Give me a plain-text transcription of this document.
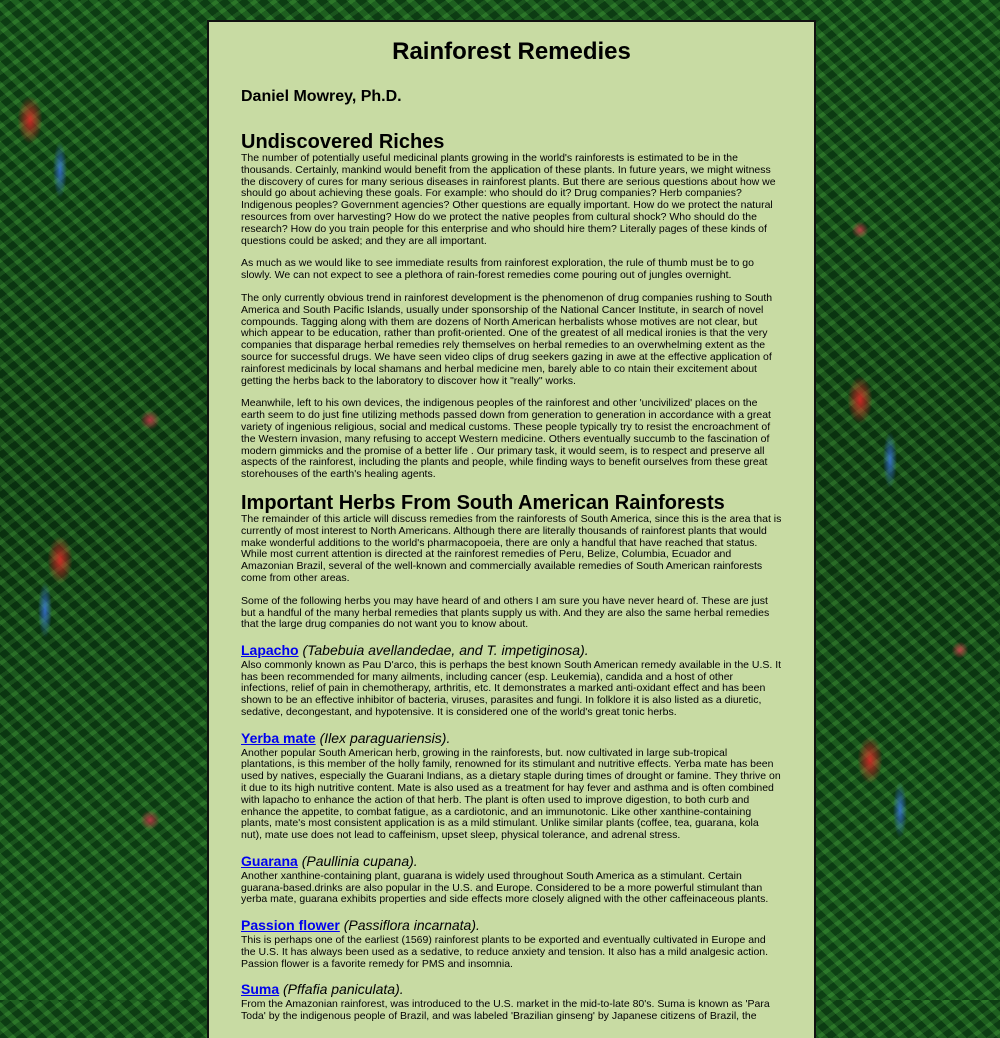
Rainforest Remedies
Daniel Mowrey, Ph.D.
Undiscovered Riches

The number of potentially useful medicinal plants growing in the world's rainforests is estimated to be in the thousands. Certainly, mankind would benefit from the application of these plants. In future years, we might witness the discovery of cures for many serious diseases in rainforest plants. But there are serious questions about how we should go about achieving these goals. For example: who should do it? Drug companies? Herb companies? Indigenous peoples? Government agencies? Other questions are equally important. How do we protect the natural resources from over harvesting? How do we protect the native peoples from cultural shock? Who should do the research? How do you train people for this enterprise and who should hire them? Literally pages of these kinds of questions could be asked; and they are all important.

As much as we would like to see immediate results from rainforest exploration, the rule of thumb must be to go slowly. We can not expect to see a plethora of rain-forest remedies come pouring out of jungles overnight.

The only currently obvious trend in rainforest development is the phenomenon of drug companies rushing to South America and South Pacific Islands, usually under sponsorship of the National Cancer Institute, in search of novel compounds. Tagging along with them are dozens of North American herbalists whose motives are not clear, but which appear to be education, rather than profit-oriented. One of the greatest of all medical ironies is that the very companies that disparage herbal remedies rely themselves on herbal remedies to an overwhelming extent as the source for successful drugs. We have seen video clips of drug seekers gazing in awe at the effective application of rainforest medicinals by local shamans and herbal medicine men, barely able to co ntain their excitement about getting the herbs back to the laboratory to discover how it "really" works.

Meanwhile, left to his own devices, the indigenous peoples of the rainforest and other 'uncivilized' places on the earth seem to do just fine utilizing methods passed down from generation to generation in accordance with a great variety of ingenious religious, social and medical customs. These people typically try to resist the encroachment of the Western invasion, many refusing to accept Western medicine. Others eventually succumb to the fascination of modern gimmicks and the promise of a better life . Our primary task, it would seem, is to respect and preserve all aspects of the rainforest, including the plants and people, while finding ways to benefit ourselves from these great storehouses of the earth's healing agents.

Important Herbs From South American Rainforests

The remainder of this article will discuss remedies from the rainforests of South America, since this is the area that is currently of most interest to North Americans. Although there are literally thousands of rainforest plants that would make wonderful additions to the world's pharmacopoeia, there are only a handful that have reached that status. While most current attention is directed at the rainforest remedies of Peru, Belize, Columbia, Ecuador and Amazonian Brazil, several of the well-known and commercially available remedies of South American rainforests come from other areas.

Some of the following herbs you may have heard of and others I am sure you have never heard of. These are just but a handful of the many herbal remedies that plants supply us with. And they are also the same herbal remedies that the large drug companies do not want you to know about.

Lapacho (Tabebuia avellandedae, and T. impetiginosa).

Also commonly known as Pau D'arco, this is perhaps the best known South American remedy available in the U.S. It has been recommended for many ailments, including cancer (esp. Leukemia), candida and a host of other infections, relief of pain in chemotherapy, arthritis, etc. It demonstrates a marked anti-oxidant effect and has been shown to be an effective inhibitor of bacteria, viruses, parasites and fungi. In folklore it is also listed as a diuretic, sedative, decongestant, and hypotensive. It is considered one of the world's great tonic herbs.

Yerba mate (Ilex paraguariensis).

Another popular South American herb, growing in the rainforests, but. now cultivated in large sub-tropical plantations, is this member of the holly family, renowned for its stimulant and nutritive effects. Yerba mate has been used by natives, especially the Guarani Indians, as a dietary staple during times of drought or famine. They thrive on it due to its high nutritive content. Mate is also used as a treatment for hay fever and asthma and is often combined with lapacho to enhance the action of that herb. The plant is often used to improve digestion, to both curb and enhance the appetite, to combat fatigue, as a cardiotonic, and an immunotonic. Like other xanthine-containing plants, mate's most consistent application is as a mild stimulant. Unlike similar plants (coffee, tea, guarana, kola nut), mate use does not lead to caffeinism, upset sleep, physical tolerance, and adrenal stress.

Guarana (Paullinia cupana).

Another xanthine-containing plant, guarana is widely used throughout South America as a stimulant. Certain guarana-based.drinks are also popular in the U.S. and Europe. Considered to be a more powerful stimulant than yerba mate, guarana exhibits properties and side effects more closely aligned with the other caffeinaceous plants.

Passion flower (Passiflora incarnata).

This is perhaps one of the earliest (1569) rainforest plants to be exported and eventually cultivated in Europe and the U.S. It has always been used as a sedative, to reduce anxiety and tension. It also has a mild analgesic action. Passion flower is a favorite remedy for PMS and insomnia.

Suma (Pffafia paniculata).

From the Amazonian rainforest, was introduced to the U.S. market in the mid-to-late 80's. Suma is known as 'Para Toda' by the indigenous people of Brazil, and was labeled 'Brazilian ginseng' by Japanese citizens of Brazil, the
